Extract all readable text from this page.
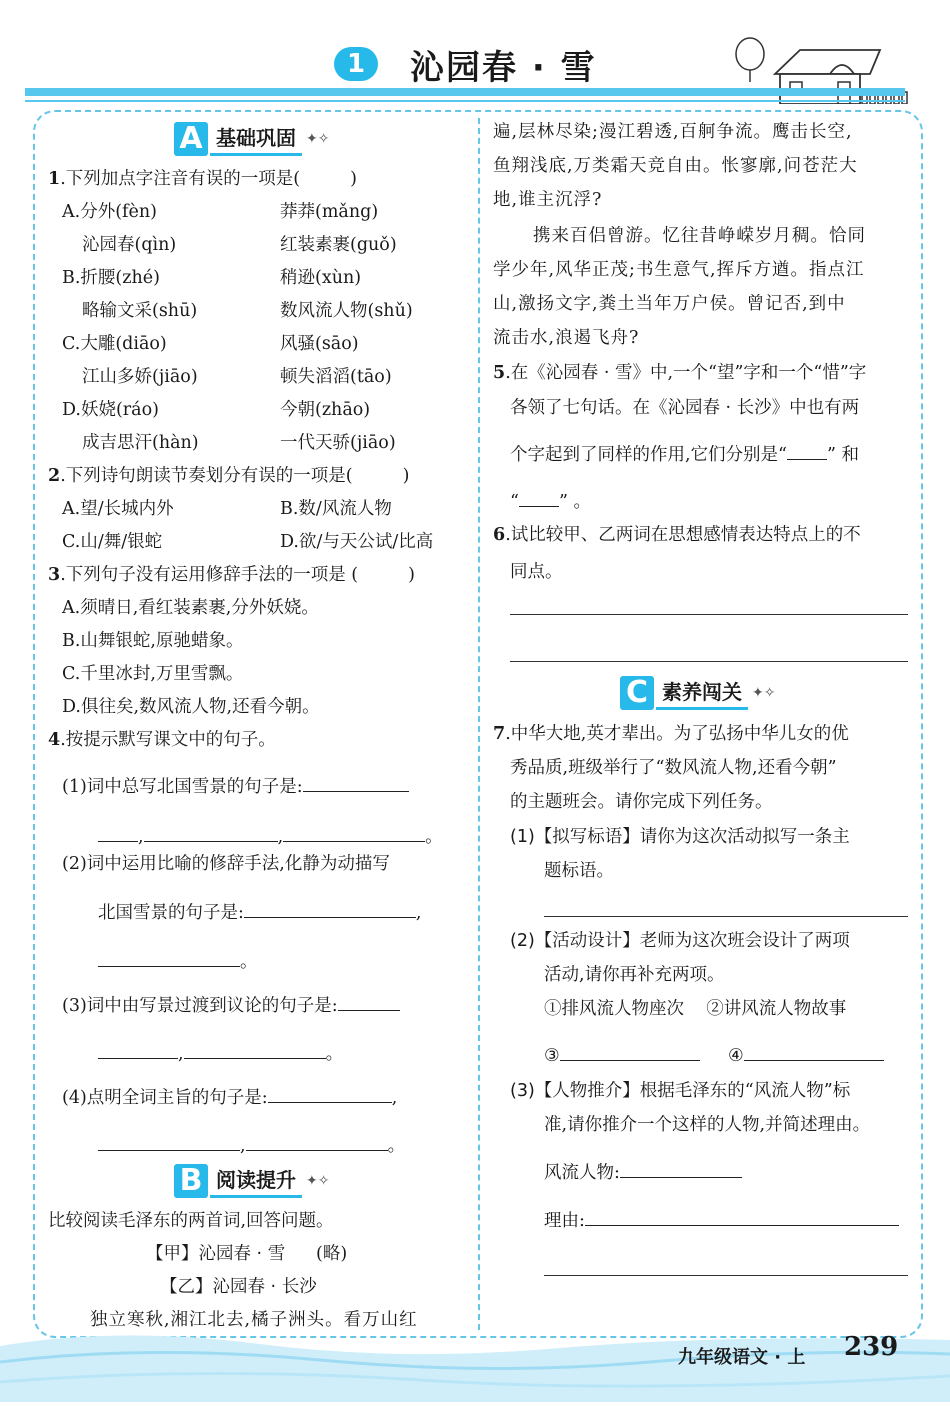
1	沁园春 · 雪
A 基础巩固 ✦✧
1.下列加点字注音有误的一项是(	)
A.分外(fèn)	莽莽(mǎng)
沁园春(qìn)	红装素裹(guǒ)
B.折腰(zhé)	稍逊(xùn)
略输文采(shū)	数风流人物(shǔ)
C.大雕(diāo)	风骚(sāo)
江山多娇(jiāo)	顿失滔滔(tāo)
D.妖娆(ráo)	今朝(zhāo)
成吉思汗(hàn)	一代天骄(jiāo)
2.下列诗句朗读节奏划分有误的一项是(	)
A.望/长城内外	B.数/风流人物
C.山/舞/银蛇	D.欲/与天公试/比高
3.下列句子没有运用修辞手法的一项是 (	)
A.须晴日,看红装素裹,分外妖娆。
B.山舞银蛇,原驰蜡象。
C.千里冰封,万里雪飘。
D.俱往矣,数风流人物,还看今朝。
4.按提示默写课文中的句子。
(1)词中总写北国雪景的句子是:
,	,	。
(2)词中运用比喻的修辞手法,化静为动描写
北国雪景的句子是:	,
。
(3)词中由写景过渡到议论的句子是:
,	。
(4)点明全词主旨的句子是:	,
,	。
B 阅读提升 ✦✧
比较阅读毛泽东的两首词,回答问题。
【甲】沁园春 · 雪 (略)
【乙】沁园春 · 长沙
独立寒秋,湘江北去,橘子洲头。看万山红
遍,层林尽染;漫江碧透,百舸争流。鹰击长空,
鱼翔浅底,万类霜天竞自由。怅寥廓,问苍茫大
地,谁主沉浮?
携来百侣曾游。忆往昔峥嵘岁月稠。恰同
学少年,风华正茂;书生意气,挥斥方遒。指点江
山,激扬文字,粪土当年万户侯。曾记否,到中
流击水,浪遏飞舟?
5.在《沁园春 · 雪》中,一个“望”字和一个“惜”字
各领了七句话。在《沁园春 · 长沙》中也有两
个字起到了同样的作用,它们分别是“ ” 和
“ ” 。
6.试比较甲、乙两词在思想感情表达特点上的不
同点。
C 素养闯关 ✦✧
7.中华大地,英才辈出。为了弘扬中华儿女的优
秀品质,班级举行了“数风流人物,还看今朝”
的主题班会。请你完成下列任务。
(1)【拟写标语】请你为这次活动拟写一条主
题标语。
(2)【活动设计】老师为这次班会设计了两项
活动,请你再补充两项。
①排风流人物座次    ②讲风流人物故事
③	④
(3)【人物推介】根据毛泽东的“风流人物”标
准,请你推介一个这样的人物,并简述理由。
风流人物:
理由:
九年级语文 · 上 239
